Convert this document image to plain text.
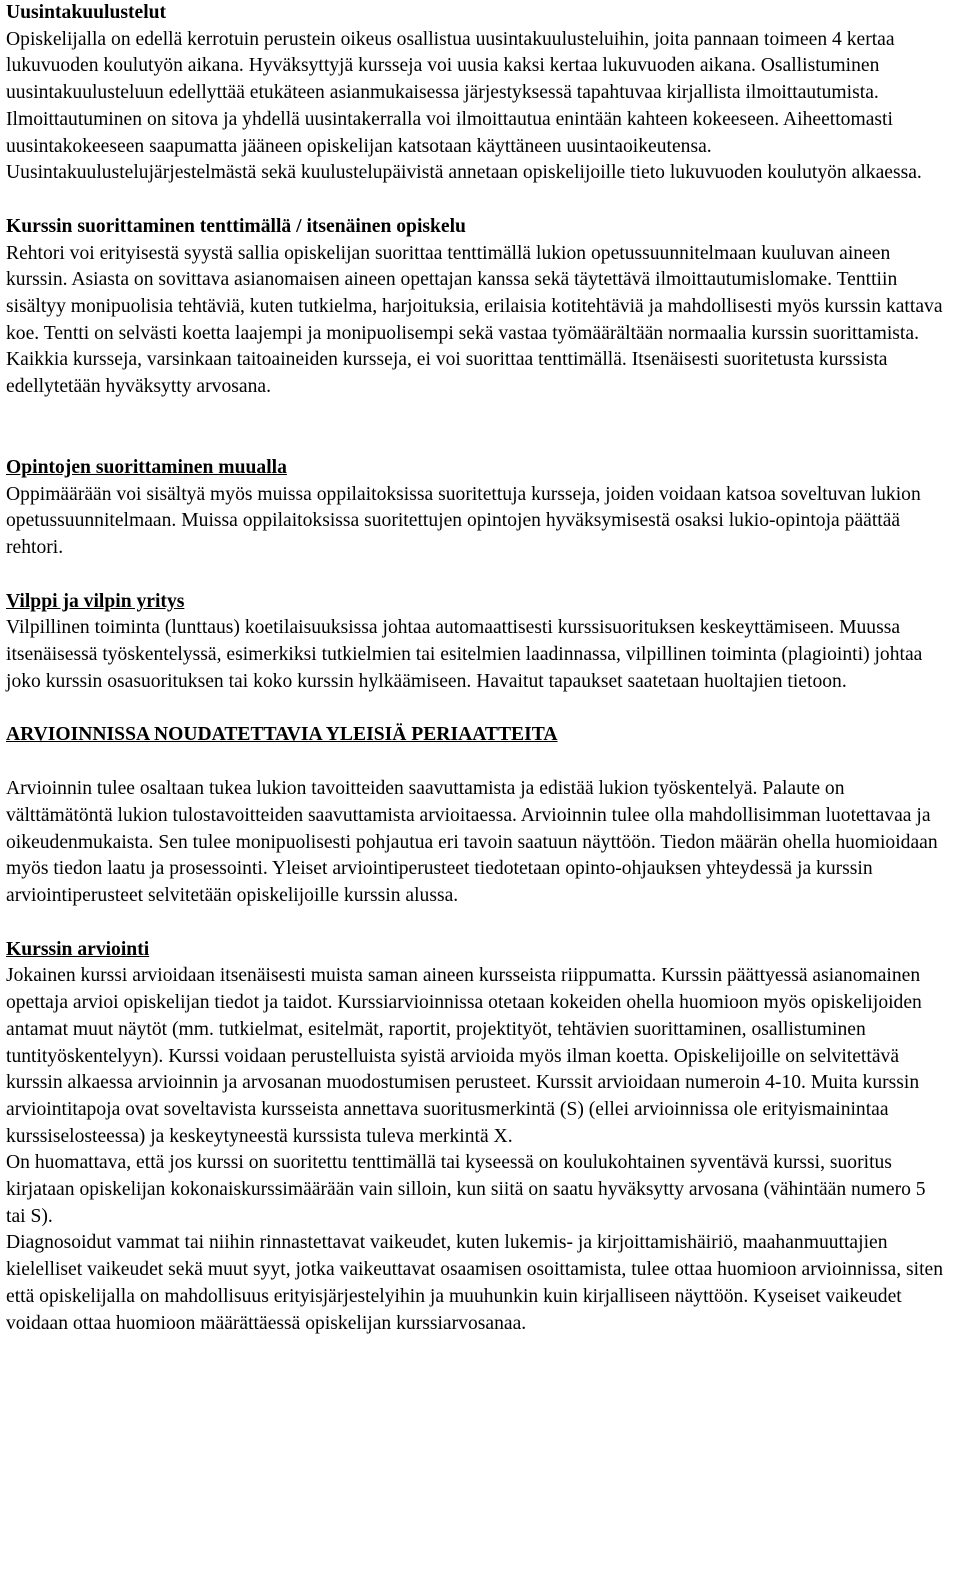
Uusintakuulustelut

Opiskelijalla on edellä kerrotuin perustein oikeus osallistua uusintakuulusteluihin, joita pannaan toimeen 4 kertaa lukuvuoden koulutyön aikana. Hyväksyttyjä kursseja voi uusia kaksi kertaa lukuvuoden aikana. Osallistuminen uusintakuulusteluun edellyttää etukäteen asianmukaisessa järjestyksessä tapahtuvaa kirjallista ilmoittautumista. Ilmoittautuminen on sitova ja yhdellä uusintakerralla voi ilmoittautua enintään kahteen kokeeseen. Aiheettomasti uusintakokeeseen saapumatta jääneen opiskelijan katsotaan käyttäneen uusintaoikeutensa. Uusintakuulustelujärjestelmästä sekä kuulustelupäivistä annetaan opiskelijoille tieto lukuvuoden koulutyön alkaessa.

Kurssin suorittaminen tenttimällä / itsenäinen opiskelu

Rehtori voi erityisestä syystä sallia opiskelijan suorittaa tenttimällä lukion opetussuunnitelmaan kuuluvan aineen kurssin. Asiasta on sovittava asianomaisen aineen opettajan kanssa sekä täytettävä ilmoittautumislomake. Tenttiin sisältyy monipuolisia tehtäviä, kuten tutkielma, harjoituksia, erilaisia kotitehtäviä ja mahdollisesti myös kurssin kattava koe. Tentti on selvästi koetta laajempi ja monipuolisempi sekä vastaa työmäärältään normaalia kurssin suorittamista.

Kaikkia kursseja, varsinkaan taitoaineiden kursseja, ei voi suorittaa tenttimällä. Itsenäisesti suoritetusta kurssista edellytetään hyväksytty arvosana.

Opintojen suorittaminen muualla

Oppimäärään voi sisältyä myös muissa oppilaitoksissa suoritettuja kursseja, joiden voidaan katsoa soveltuvan lukion opetussuunnitelmaan. Muissa oppilaitoksissa suoritettujen opintojen hyväksymisestä osaksi lukio-opintoja päättää rehtori.

Vilppi ja vilpin yritys

Vilpillinen toiminta (lunttaus) koetilaisuuksissa johtaa automaattisesti kurssisuorituksen keskeyttämiseen. Muussa itsenäisessä työskentelyssä, esimerkiksi tutkielmien tai esitelmien laadinnassa, vilpillinen toiminta (plagiointi) johtaa joko kurssin osasuorituksen tai koko kurssin hylkäämiseen. Havaitut tapaukset saatetaan huoltajien tietoon.

ARVIOINNISSA NOUDATETTAVIA YLEISIÄ PERIAATTEITA

Arvioinnin tulee osaltaan tukea lukion tavoitteiden saavuttamista ja edistää lukion työskentelyä. Palaute on välttämätöntä lukion tulostavoitteiden saavuttamista arvioitaessa. Arvioinnin tulee olla mahdollisimman luotettavaa ja oikeudenmukaista. Sen tulee monipuolisesti pohjautua eri tavoin saatuun näyttöön. Tiedon määrän ohella huomioidaan myös tiedon laatu ja prosessointi. Yleiset arviointiperusteet tiedotetaan opinto-ohjauksen yhteydessä ja kurssin arviointiperusteet selvitetään opiskelijoille kurssin alussa.

Kurssin arviointi

Jokainen kurssi arvioidaan itsenäisesti muista saman aineen kursseista riippumatta. Kurssin päättyessä asianomainen opettaja arvioi opiskelijan tiedot ja taidot. Kurssiarvioinnissa otetaan kokeiden ohella huomioon myös opiskelijoiden antamat muut näytöt (mm. tutkielmat, esitelmät, raportit, projektityöt, tehtävien suorittaminen, osallistuminen tuntityöskentelyyn). Kurssi voidaan perustelluista syistä arvioida myös ilman koetta. Opiskelijoille on selvitettävä kurssin alkaessa arvioinnin ja arvosanan muodostumisen perusteet. Kurssit arvioidaan numeroin 4-10. Muita kurssin arviointitapoja ovat soveltavista kursseista annettava suoritusmerkintä (S) (ellei arvioinnissa ole erityismainintaa kurssiselosteessa) ja keskeytyneestä kurssista tuleva merkintä X.

On huomattava, että jos kurssi on suoritettu tenttimällä tai kyseessä on koulukohtainen syventävä kurssi, suoritus kirjataan opiskelijan kokonaiskurssimäärään vain silloin, kun siitä on saatu hyväksytty arvosana (vähintään numero 5 tai S).

Diagnosoidut vammat tai niihin rinnastettavat vaikeudet, kuten lukemis- ja kirjoittamishäiriö, maahanmuuttajien kielelliset vaikeudet sekä muut syyt, jotka vaikeuttavat osaamisen osoittamista, tulee ottaa huomioon arvioinnissa, siten että opiskelijalla on mahdollisuus erityisjärjestelyihin ja muuhunkin kuin kirjalliseen näyttöön. Kyseiset vaikeudet voidaan ottaa huomioon määrättäessä opiskelijan kurssiarvosanaa.
